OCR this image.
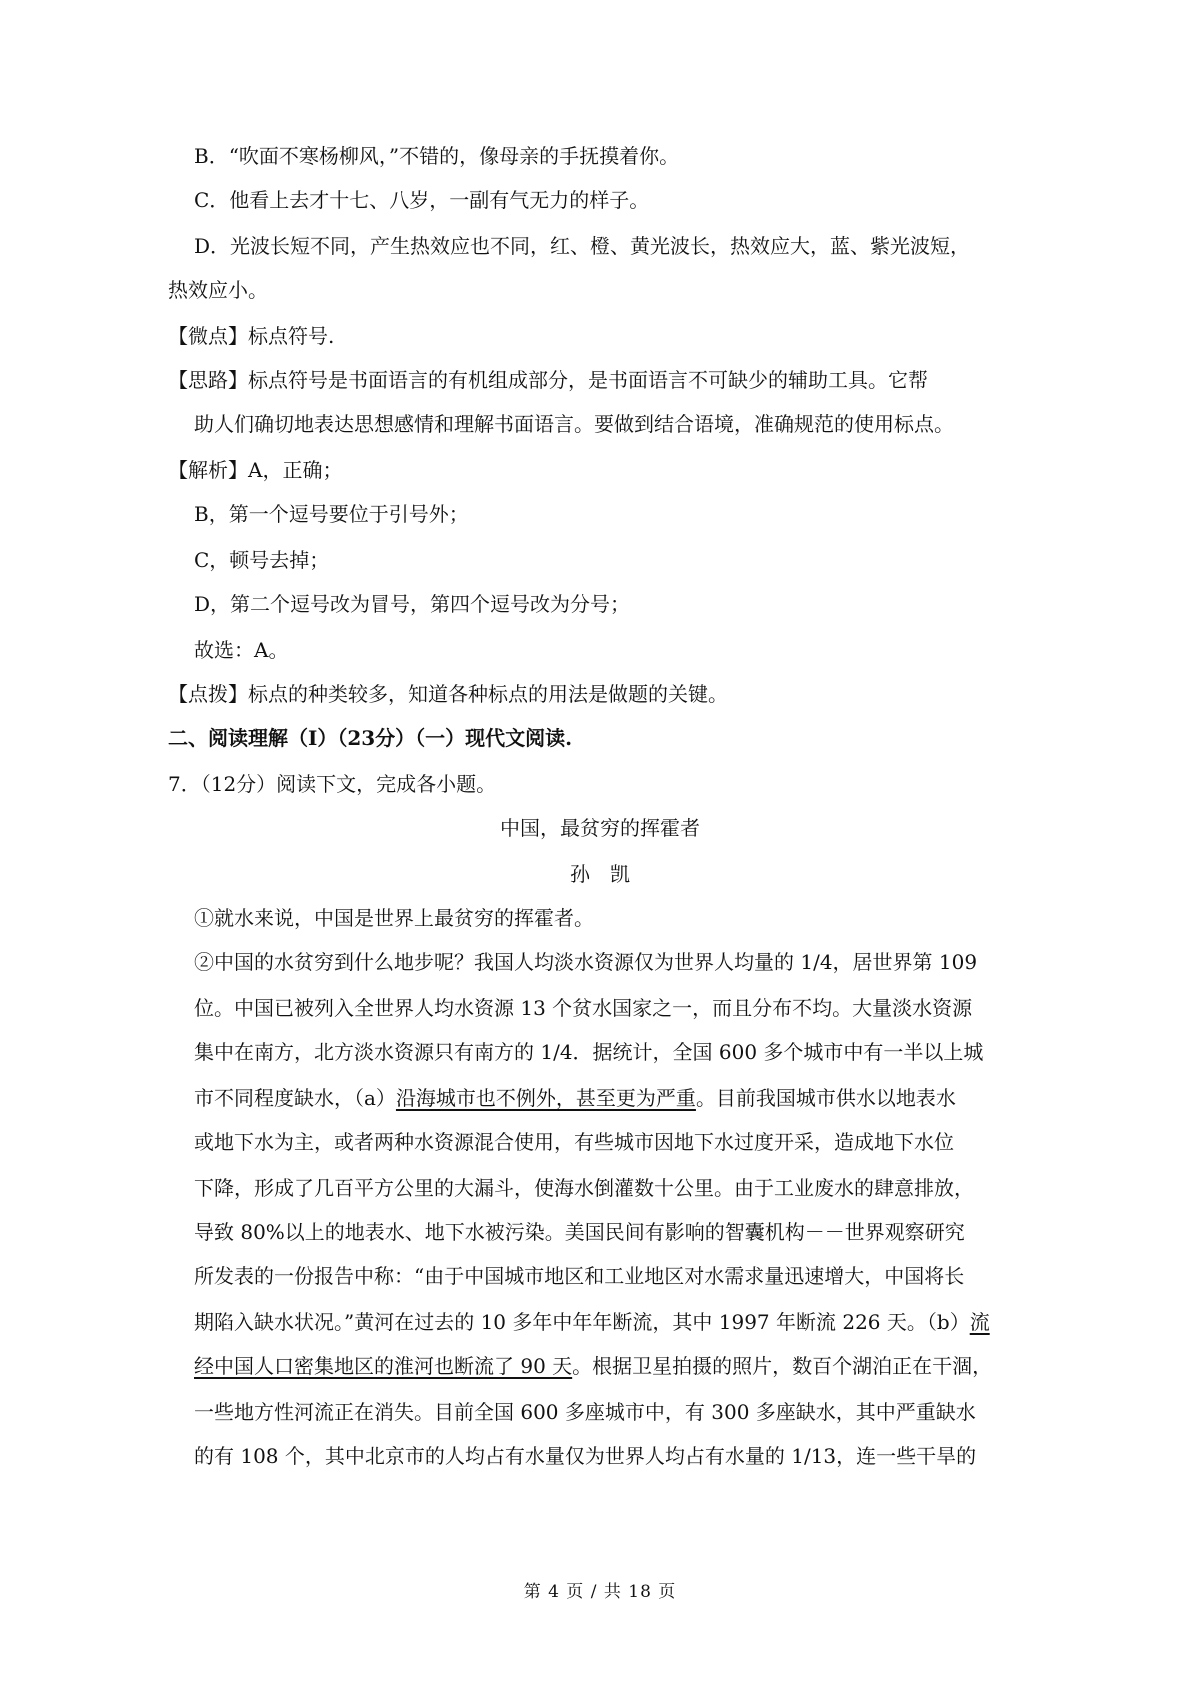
B．“吹面不寒杨柳风，”不错的，像母亲的手抚摸着你。
C．他看上去才十七、八岁，一副有气无力的样子。
D．光波长短不同，产生热效应也不同，红、橙、黄光波长，热效应大，蓝、紫光波短，
热效应小。
【微点】标点符号.
【思路】标点符号是书面语言的有机组成部分，是书面语言不可缺少的辅助工具。它帮
助人们确切地表达思想感情和理解书面语言。要做到结合语境，准确规范的使用标点。
【解析】A，正确；
B，第一个逗号要位于引号外；
C，顿号去掉；
D，第二个逗号改为冒号，第四个逗号改为分号；
故选：A。
【点拨】标点的种类较多，知道各种标点的用法是做题的关键。
二、阅读理解（Ⅰ）（23分）（一）现代文阅读.
7．（12分）阅读下文，完成各小题。
中国，最贫穷的挥霍者
孙　凯
①就水来说，中国是世界上最贫穷的挥霍者。
②中国的水贫穷到什么地步呢？我国人均淡水资源仅为世界人均量的 1/4，居世界第 109
位。中国已被列入全世界人均水资源 13 个贫水国家之一，而且分布不均。大量淡水资源
集中在南方，北方淡水资源只有南方的 1/4．据统计，全国 600 多个城市中有一半以上城
市不同程度缺水，（a）沿海城市也不例外，甚至更为严重。目前我国城市供水以地表水
或地下水为主，或者两种水资源混合使用，有些城市因地下水过度开采，造成地下水位
下降，形成了几百平方公里的大漏斗，使海水倒灌数十公里。由于工业废水的肆意排放，
导致 80%以上的地表水、地下水被污染。美国民间有影响的智囊机构－－世界观察研究
所发表的一份报告中称：“由于中国城市地区和工业地区对水需求量迅速增大，中国将长
期陷入缺水状况。”黄河在过去的 10 多年中年年断流，其中 1997 年断流 226 天。（b）流
经中国人口密集地区的淮河也断流了 90 天。根据卫星拍摄的照片，数百个湖泊正在干涸，
一些地方性河流正在消失。目前全国 600 多座城市中，有 300 多座缺水，其中严重缺水
的有 108 个，其中北京市的人均占有水量仅为世界人均占有水量的 1/13，连一些干旱的
第 4 页 / 共 18 页
